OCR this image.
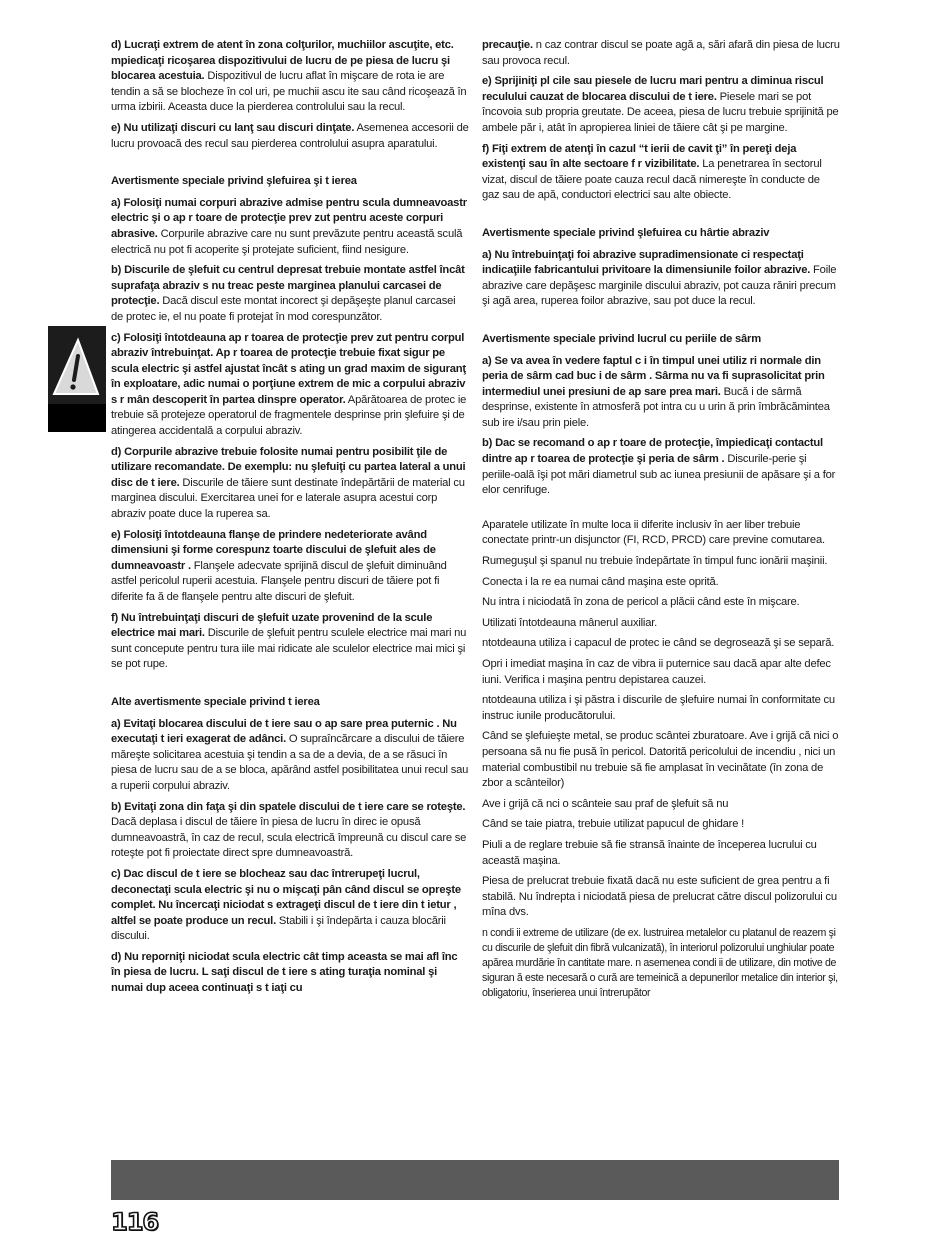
d) Lucraţi extrem de atent în zona colţurilor, muchiilor ascuţite, etc. mpiedicaţi ricoşarea dispozitivului de lucru de pe piesa de lucru şi blocarea acestuia. Dispozitivul de lucru aflat în mişcare de rota ie are tendin a să se blocheze în col uri, pe muchii ascu ite sau când ricoşează în urma izbirii. Aceasta duce la pierderea controlului sau la recul.

e) Nu utilizaţi discuri cu lanţ sau discuri dinţate. Asemenea accesorii de lucru provoacă des recul sau pierderea controlului asupra aparatului.

Avertismente speciale privind şlefuirea şi t ierea

a) Folosiţi numai corpuri abrazive admise pentru scula dumneavoastr electric şi o ap r toare de protecţie prev zut pentru aceste corpuri abrasive. Corpurile abrazive care nu sunt prevăzute pentru această sculă electrică nu pot fi acoperite şi protejate suficient, fiind nesigure.

b) Discurile de şlefuit cu centrul depresat trebuie montate astfel încât suprafaţa abraziv s nu treac peste marginea planului carcasei de protecţie. Dacă discul este montat incorect şi depăşeşte planul carcasei de protec ie, el nu poate fi protejat în mod corespunzător.

c) Folosiţi întotdeauna ap r toarea de protecţie prev zut pentru corpul abraziv întrebuinţat. Ap r toarea de protecţie trebuie fixat sigur pe scula electric şi astfel ajustat încât s ating un grad maxim de siguranţ în exploatare, adic numai o porţiune extrem de mic a corpului abraziv s r mân descoperit în partea dinspre operator. Apărătoarea de protec ie trebuie să protejeze operatorul de fragmentele desprinse prin şlefuire şi de atingerea accidentală a corpului abraziv.

d) Corpurile abrazive trebuie folosite numai pentru posibilit ţile de utilizare recomandate. De exemplu: nu şlefuiţi cu partea lateral a unui disc de t iere. Discurile de tăiere sunt destinate îndepărtării de material cu marginea discului. Exercitarea unei for e laterale asupra acestui corp abraziv poate duce la ruperea sa.

e) Folosiţi întotdeauna flanşe de prindere nedeteriorate având dimensiuni şi forme corespunz toarte discului de şlefuit ales de dumneavoastr . Flanşele adecvate sprijină discul de şlefuit diminuând astfel pericolul ruperii acestuia. Flanşele pentru discuri de tăiere pot fi diferite fa ă de flanşele pentru alte discuri de şlefuit.

f) Nu întrebuinţaţi discuri de şlefuit uzate provenind de la scule electrice mai mari. Discurile de şlefuit pentru sculele electrice mai mari nu sunt concepute pentru tura iile mai ridicate ale sculelor electrice mai mici şi se pot rupe.

Alte avertismente speciale privind t ierea

a) Evitaţi blocarea discului de t iere sau o ap sare prea puternic . Nu executaţi t ieri exagerat de adânci. O supraîncărcare a discului de tăiere măreşte solicitarea acestuia şi tendin a sa de a devia, de a se răsuci în piesa de lucru sau de a se bloca, apărând astfel posibilitatea unui recul sau a ruperii corpului abraziv.

b) Evitaţi zona din faţa şi din spatele discului de t iere care se roteşte. Dacă deplasa i discul de tăiere în piesa de lucru în direc ie opusă dumneavoastră, în caz de recul, scula electrică împreună cu discul care se roteşte pot fi proiectate direct spre dumneavoastră.

c) Dac discul de t iere se blocheaz sau dac întrerupeţi lucrul, deconectaţi scula electric şi nu o mişcaţi pân când discul se opreşte complet. Nu încercaţi niciodat s extrageţi discul de t iere din t ietur , altfel se poate produce un recul. Stabili i şi îndepărta i cauza blocării discului.

d) Nu reporniţi niciodat scula electric cât timp aceasta se mai afl înc în piesa de lucru. L saţi discul de t iere s ating turaţia nominal şi numai dup aceea continuaţi s t iaţi cu

precauţie. n caz contrar discul se poate agă a, sări afară din piesa de lucru sau provoca recul.

e) Sprijiniţi pl cile sau piesele de lucru mari pentru a diminua riscul reculului cauzat de blocarea discului de t iere. Piesele mari se pot încovoia sub propria greutate. De aceea, piesa de lucru trebuie sprijinită pe ambele păr i, atât în apropierea liniei de tăiere cât şi pe margine.

f) Fiţi extrem de atenţi în cazul “t ierii de cavit ţi” în pereţi deja existenţi sau în alte sectoare f r vizibilitate. La penetrarea în sectorul vizat, discul de tăiere poate cauza recul dacă nimereşte în conducte de gaz sau de apă, conductori electrici sau alte obiecte.

Avertismente speciale privind şlefuirea cu hârtie abraziv

a) Nu întrebuinţaţi foi abrazive supradimensionate ci respectaţi indicaţiile fabricantului privitoare la dimensiunile foilor abrazive. Foile abrazive care depăşesc marginile discului abraziv, pot cauza răniri precum şi agă area, ruperea foilor abrazive, sau pot duce la recul.

Avertismente speciale privind lucrul cu periile de sârm

a) Se va avea în vedere faptul c i în timpul unei utiliz ri normale din peria de sârm cad buc i de sârm . Sârma nu va fi suprasolicitat prin intermediul unei presiuni de ap sare prea mari. Bucă i de sârmă desprinse, existente în atmosferă pot intra cu u urin ă prin îmbrăcămintea sub ire i/sau prin piele.

b) Dac se recomand o ap r toare de protecţie, împiedicaţi contactul dintre ap r toarea de protecţie şi peria de sârm . Discurile-perie şi periile-oală îşi pot mări diametrul sub ac iunea presiunii de apăsare şi a for elor cenrifuge.

Aparatele utilizate în multe loca ii diferite inclusiv în aer liber trebuie conectate printr-un disjunctor (FI, RCD, PRCD) care previne comutarea.

Rumeguşul şi spanul nu trebuie îndepărtate în timpul func ionării maşinii.

Conecta i la re ea numai când maşina este oprită.

Nu intra i niciodată în zona de pericol a plăcii când este în mişcare.

Utilizati întotdeauna mânerul auxiliar.

ntotdeauna utiliza i capacul de protec ie când se degrosează şi se separă.

Opri i imediat maşina în caz de vibra ii puternice sau dacă apar alte defec iuni. Verifica i maşina pentru depistarea cauzei.

ntotdeauna utiliza i şi păstra i discurile de şlefuire numai în conformitate cu instruc iunile producătorului.

Când se şlefuieşte metal, se produc scântei zburatoare. Ave i grijă că nici o persoana să nu fie pusă în pericol. Datorită pericolului de incendiu , nici un material combustibil nu trebuie să fie amplasat în vecinătate (în zona de zbor a scânteilor)

Ave i grijă că nci o scânteie sau praf de şlefuit să nu

Când se taie piatra, trebuie utilizat papucul de ghidare !

Piuli a de reglare trebuie să fie stransă înainte de începerea lucrului cu această maşina.

Piesa de prelucrat trebuie fixată dacă nu este suficient de grea pentru a fi stabilă. Nu îndrepta i niciodată piesa de prelucrat către discul polizorului cu mîna dvs.

n condi ii extreme de utilizare (de ex. lustruirea metalelor cu platanul de reazem şi cu discurile de şlefuit din fibră vulcanizată), în interiorul polizorului unghiular poate apărea murdărie în cantitate mare. n asemenea condi ii de utilizare, din motive de siguran ă este necesară o cură are temeinică a depunerilor metalice din interior şi, obligatoriu, înserierea unui întrerupător

116
